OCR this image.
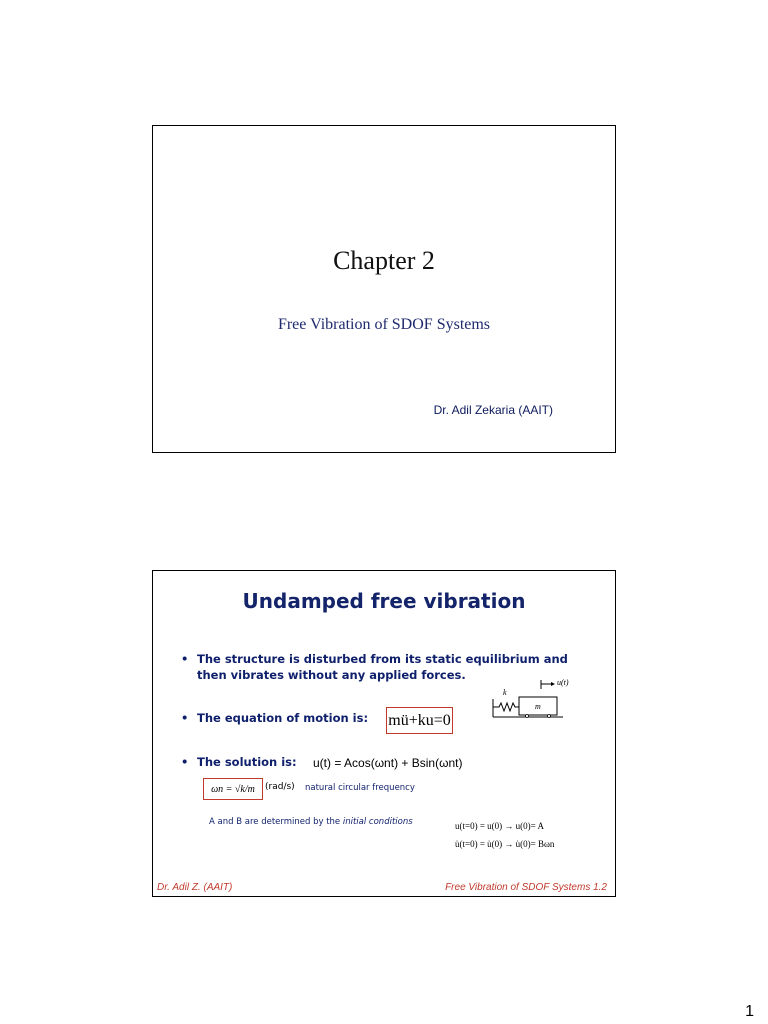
Chapter 2
Free Vibration of SDOF Systems
Dr. Adil Zekaria (AAIT)
Undamped free vibration
• The structure is disturbed from its static equilibrium and then vibrates without any applied forces.
• The equation of motion is:
• The solution is:
mü+ku=0
u(t) = Acos(ωnt) + Bsin(ωnt)
ωn = √k/m	(rad/s) natural circular frequency
A and B are determined by the initial conditions	u(t=0) = u(0) → u(0)= A
u̇(t=0) = u̇(0) → u̇(0)= Bωn
k
m
u(t)
Dr. Adil Z. (AAIT)	Free Vibration of SDOF Systems 1.2
1
